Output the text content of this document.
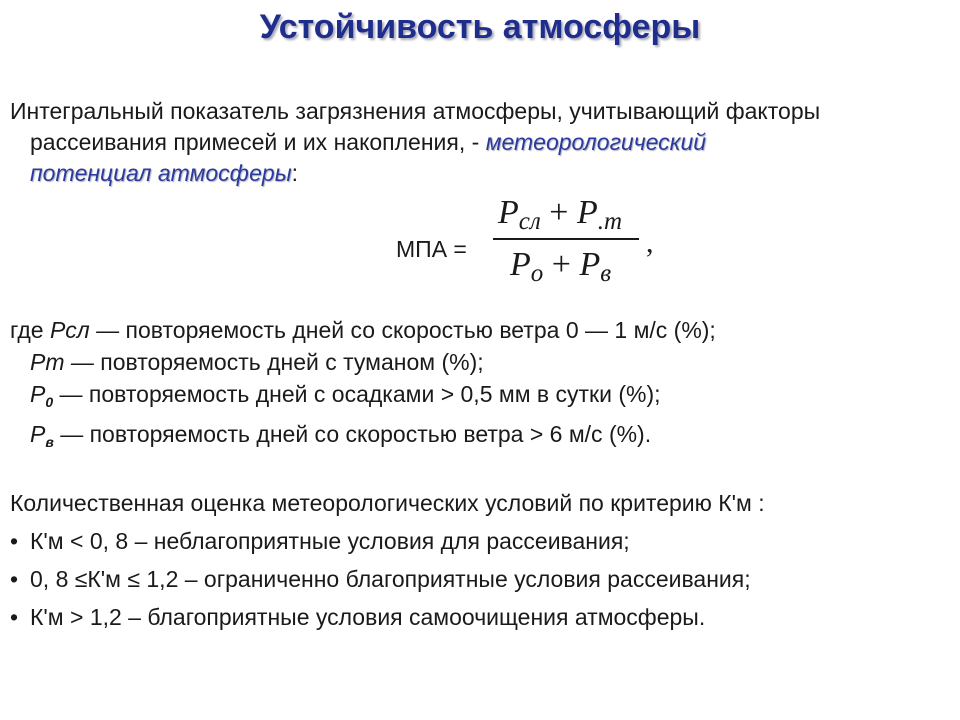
Устойчивость атмосферы
Интегральный показатель загрязнения атмосферы, учитывающий факторы
рассеивания примесей и их накопления, - метеорологический
потенциал атмосферы:
МПА =
$P_{сл} + P_{.т}$
$P_o + P_в$
,
где Pсл — повторяемость дней со скоростью ветра 0 — 1 м/с (%);
Pт — повторяемость дней с туманом (%);
$P_0$ — повторяемость дней с осадками > 0,5 мм в сутки (%);
$P_в$ — повторяемость дней со скоростью ветра > 6 м/с (%).
Количественная оценка метеорологических условий по критерию К'м :
• К'м < 0, 8 – неблагоприятные условия для рассеивания;
• 0, 8 ≤К'м ≤ 1,2 – ограниченно благоприятные условия рассеивания;
• К'м > 1,2 – благоприятные условия самоочищения атмосферы.
